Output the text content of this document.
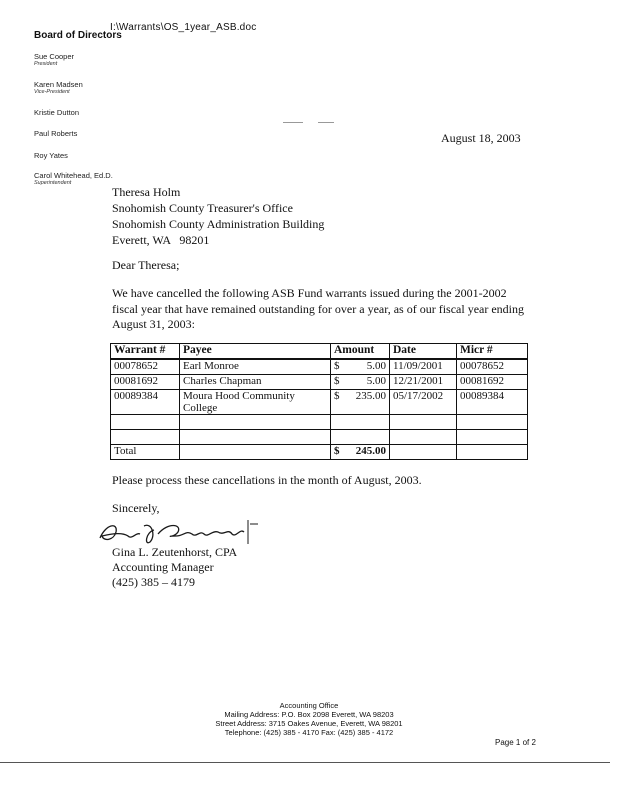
I:\Warrants\OS_1year_ASB.doc
Board of Directors
Sue Cooper
President
Karen Madsen
Vice-President
Kristie Dutton
Paul Roberts
Roy Yates
Carol Whitehead, Ed.D.
Superintendent
August 18, 2003
Theresa Holm
Snohomish County Treasurer's Office
Snohomish County Administration Building
Everett, WA   98201
Dear Theresa;
We have cancelled the following ASB Fund warrants issued during the 2001-2002 fiscal year that have remained outstanding for over a year, as of our fiscal year ending August 31, 2003:
Warrant #	Payee	Amount	Date	Micr #
00078652	Earl Monroe	$ 5.00	11/09/2001	00078652
00081692	Charles Chapman	$ 5.00	12/21/2001	00081692
00089384	Moura Hood Community College	$ 235.00	05/17/2002	00089384

Total		$ 245.00		

Please process these cancellations in the month of August, 2003.
Sincerely,
Gina L. Zeutenhorst, CPA
Accounting Manager
(425) 385 – 4179
Accounting Office
Mailing Address: P.O. Box 2098 Everett, WA 98203
Street Address: 3715 Oakes Avenue, Everett, WA 98201
Telephone: (425) 385 - 4170 Fax: (425) 385 - 4172
Page 1 of 2
